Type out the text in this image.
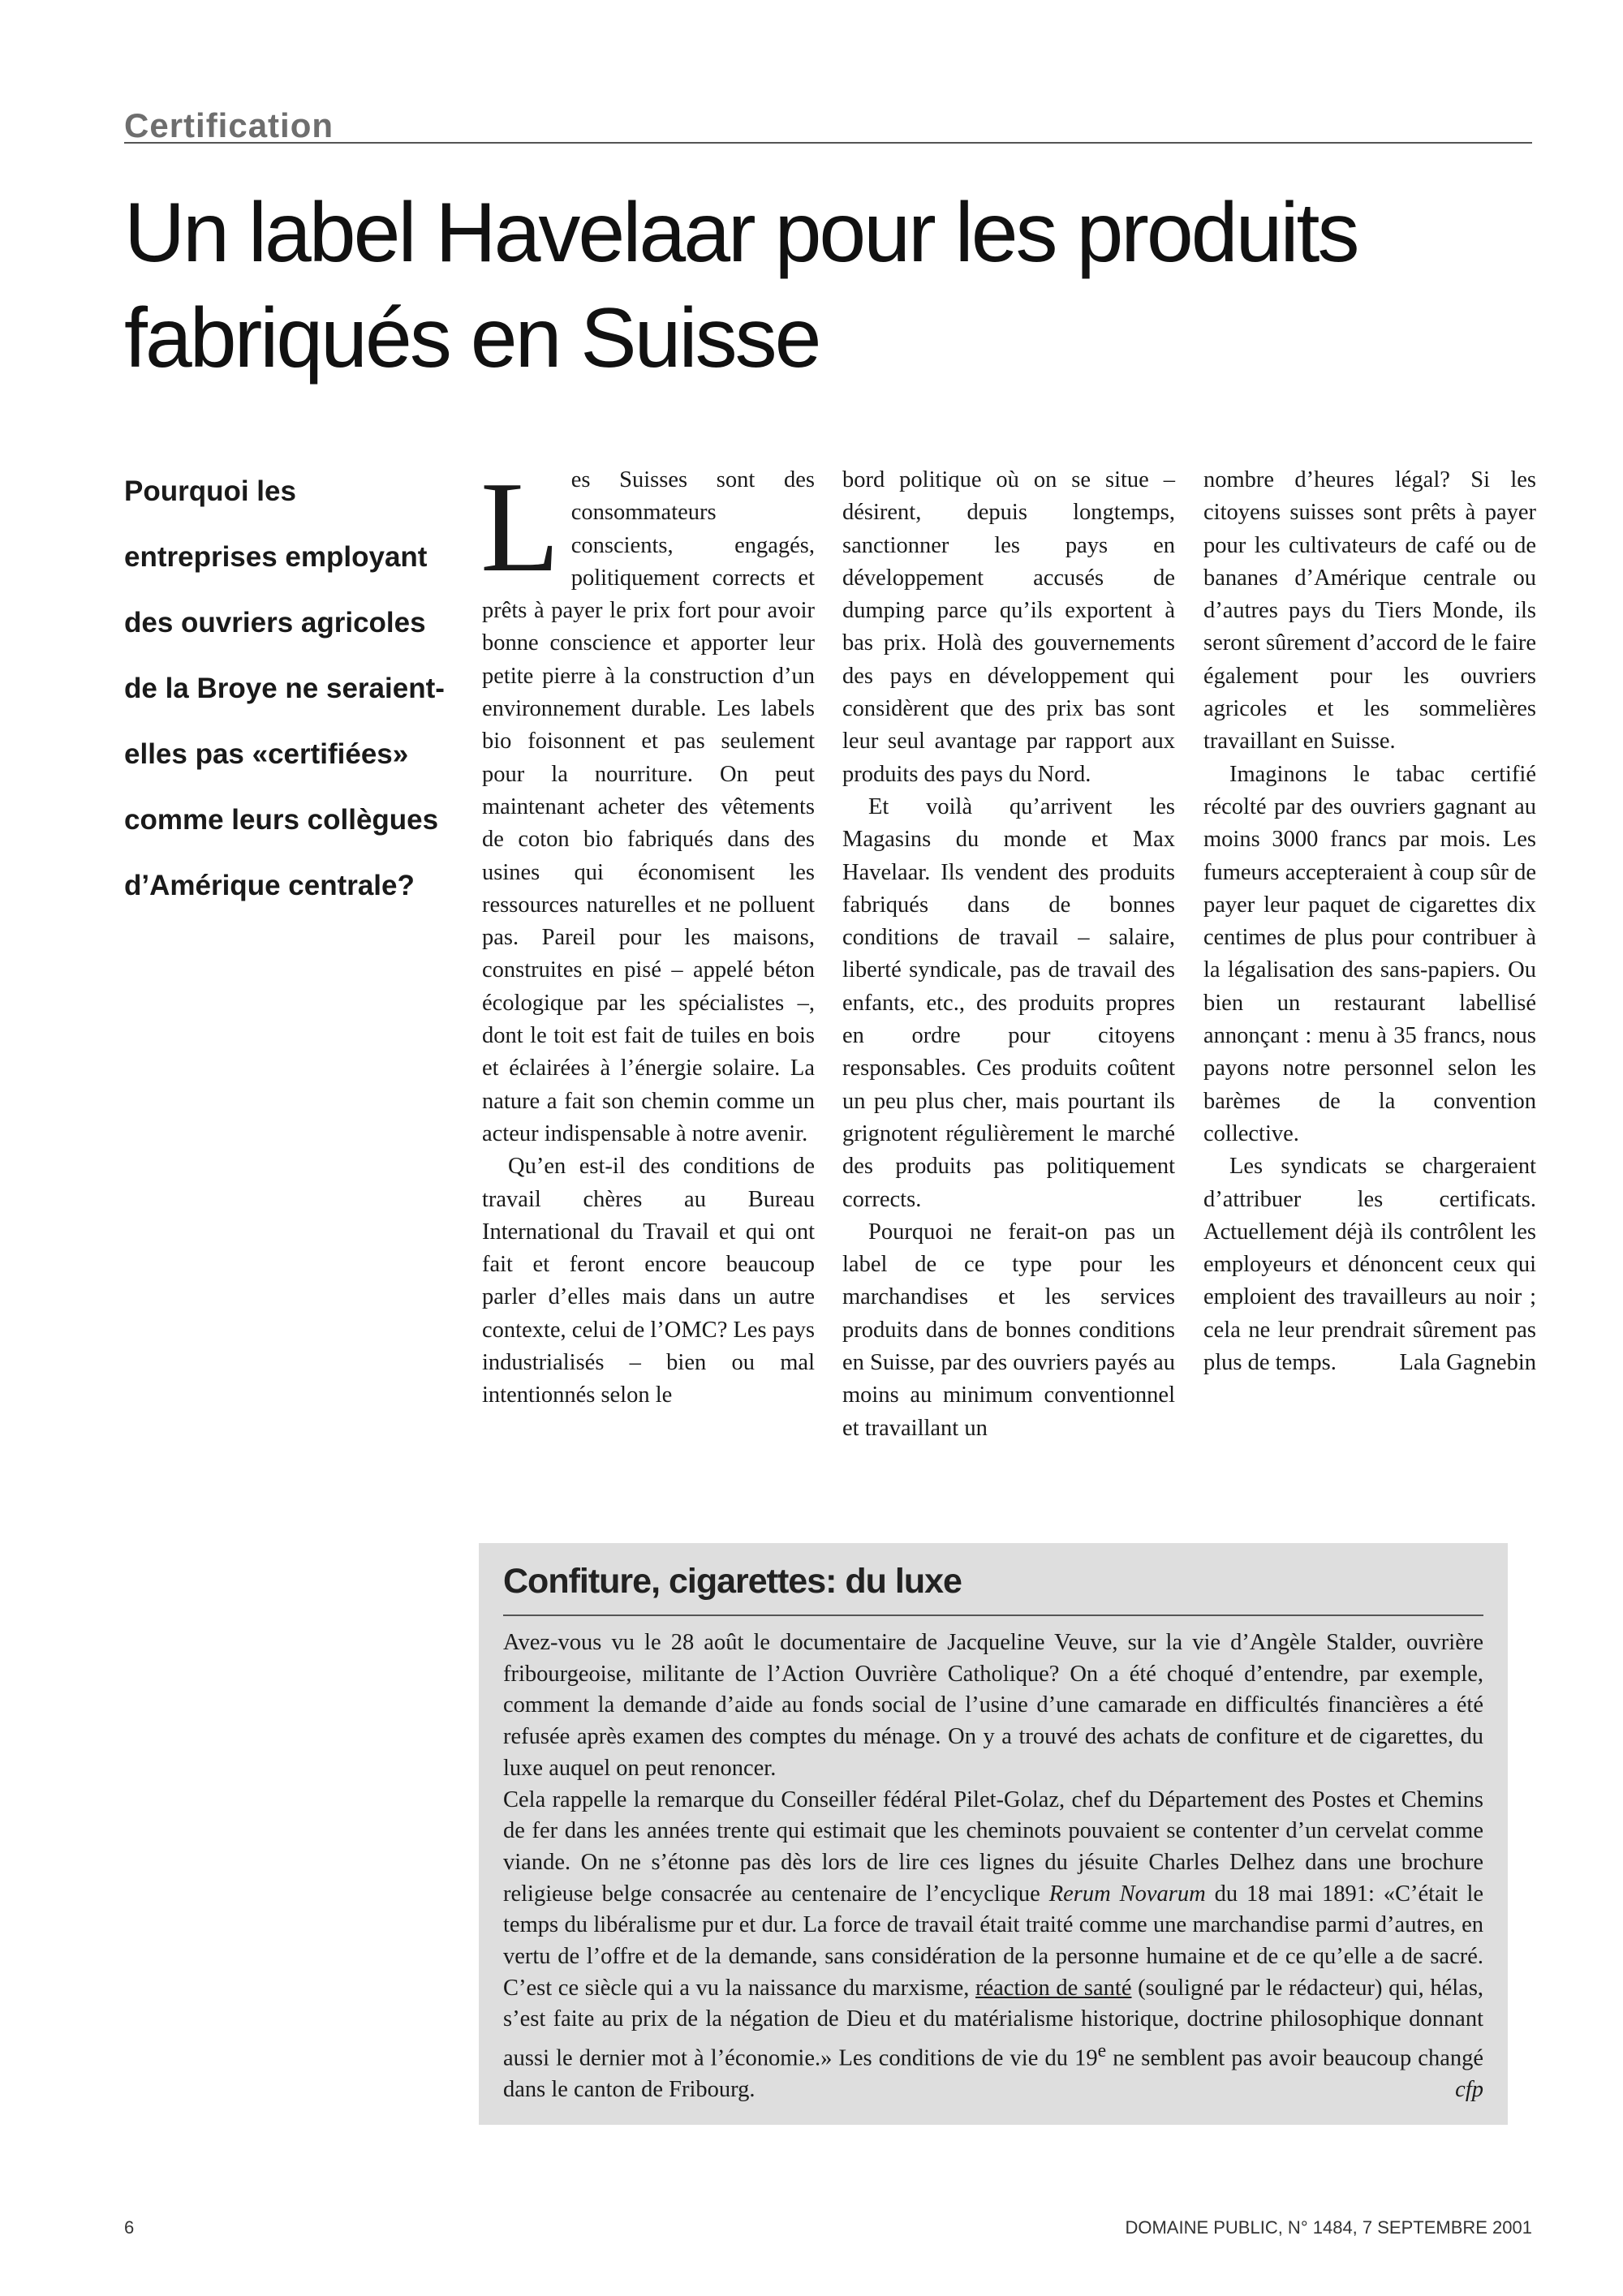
Certification
Un label Havelaar pour les produits fabriqués en Suisse

Pourquoi les entreprises employant des ouvriers agricoles de la Broye ne seraient-elles pas «certifiées» comme leurs collègues d’Amérique centrale?

Les Suisses sont des consommateurs conscients, engagés, politiquement corrects et prêts à payer le prix fort pour avoir bonne conscience et apporter leur petite pierre à la construction d’un environnement durable. Les labels bio foisonnent et pas seulement pour la nourriture. On peut maintenant acheter des vêtements de coton bio fabriqués dans des usines qui économisent les ressources naturelles et ne polluent pas. Pareil pour les maisons, construites en pisé – appelé béton écologique par les spécialistes –, dont le toit est fait de tuiles en bois et éclairées à l’énergie solaire. La nature a fait son chemin comme un acteur indispensable à notre avenir.

Qu’en est-il des conditions de travail chères au Bureau International du Travail et qui ont fait et feront encore beaucoup parler d’elles mais dans un autre contexte, celui de l’OMC? Les pays industrialisés – bien ou mal intentionnés selon le

bord politique où on se situe – désirent, depuis longtemps, sanctionner les pays en développement accusés de dumping parce qu’ils exportent à bas prix. Holà des gouvernements des pays en développement qui considèrent que des prix bas sont leur seul avantage par rapport aux produits des pays du Nord.

Et voilà qu’arrivent les Magasins du monde et Max Havelaar. Ils vendent des produits fabriqués dans de bonnes conditions de travail – salaire, liberté syndicale, pas de travail des enfants, etc., des produits propres en ordre pour citoyens responsables. Ces produits coûtent un peu plus cher, mais pourtant ils grignotent régulièrement le marché des produits pas politiquement corrects.

Pourquoi ne ferait-on pas un label de ce type pour les marchandises et les services produits dans de bonnes conditions en Suisse, par des ouvriers payés au moins au minimum conventionnel et travaillant un

nombre d’heures légal? Si les citoyens suisses sont prêts à payer pour les cultivateurs de café ou de bananes d’Amérique centrale ou d’autres pays du Tiers Monde, ils seront sûrement d’accord de le faire également pour les ouvriers agricoles et les sommelières travaillant en Suisse.

Imaginons le tabac certifié récolté par des ouvriers gagnant au moins 3000 francs par mois. Les fumeurs accepteraient à coup sûr de payer leur paquet de cigarettes dix centimes de plus pour contribuer à la légalisation des sans-papiers. Ou bien un restaurant labellisé annonçant : menu à 35 francs, nous payons notre personnel selon les barèmes de la convention collective.

Les syndicats se chargeraient d’attribuer les certificats. Actuellement déjà ils contrôlent les employeurs et dénoncent ceux qui emploient des travailleurs au noir ; cela ne leur prendrait sûrement pas plus de temps.	Lala Gagnebin

Confiture, cigarettes: du luxe

Avez-vous vu le 28 août le documentaire de Jacqueline Veuve, sur la vie d’Angèle Stalder, ouvrière fribourgeoise, militante de l’Action Ouvrière Catholique? On a été choqué d’entendre, par exemple, comment la demande d’aide au fonds social de l’usine d’une camarade en difficultés financières a été refusée après examen des comptes du ménage. On y a trouvé des achats de confiture et de cigarettes, du luxe auquel on peut renoncer.

Cela rappelle la remarque du Conseiller fédéral Pilet-Golaz, chef du Département des Postes et Chemins de fer dans les années trente qui estimait que les cheminots pouvaient se contenter d’un cervelat comme viande. On ne s’étonne pas dès lors de lire ces lignes du jésuite Charles Delhez dans une brochure religieuse belge consacrée au centenaire de l’encyclique Rerum Novarum du 18 mai 1891: «C’était le temps du libéralisme pur et dur. La force de travail était traité comme une marchandise parmi d’autres, en vertu de l’offre et de la demande, sans considération de la personne humaine et de ce qu’elle a de sacré. C’est ce siècle qui a vu la naissance du marxisme, réaction de santé (souligné par le rédacteur) qui, hélas, s’est faite au prix de la négation de Dieu et du matérialisme historique, doctrine philosophique donnant aussi le dernier mot à l’économie.» Les conditions de vie du 19e ne semblent pas avoir beaucoup changé dans le canton de Fribourg.	cfp

6	DOMAINE PUBLIC, N° 1484, 7 SEPTEMBRE 2001
